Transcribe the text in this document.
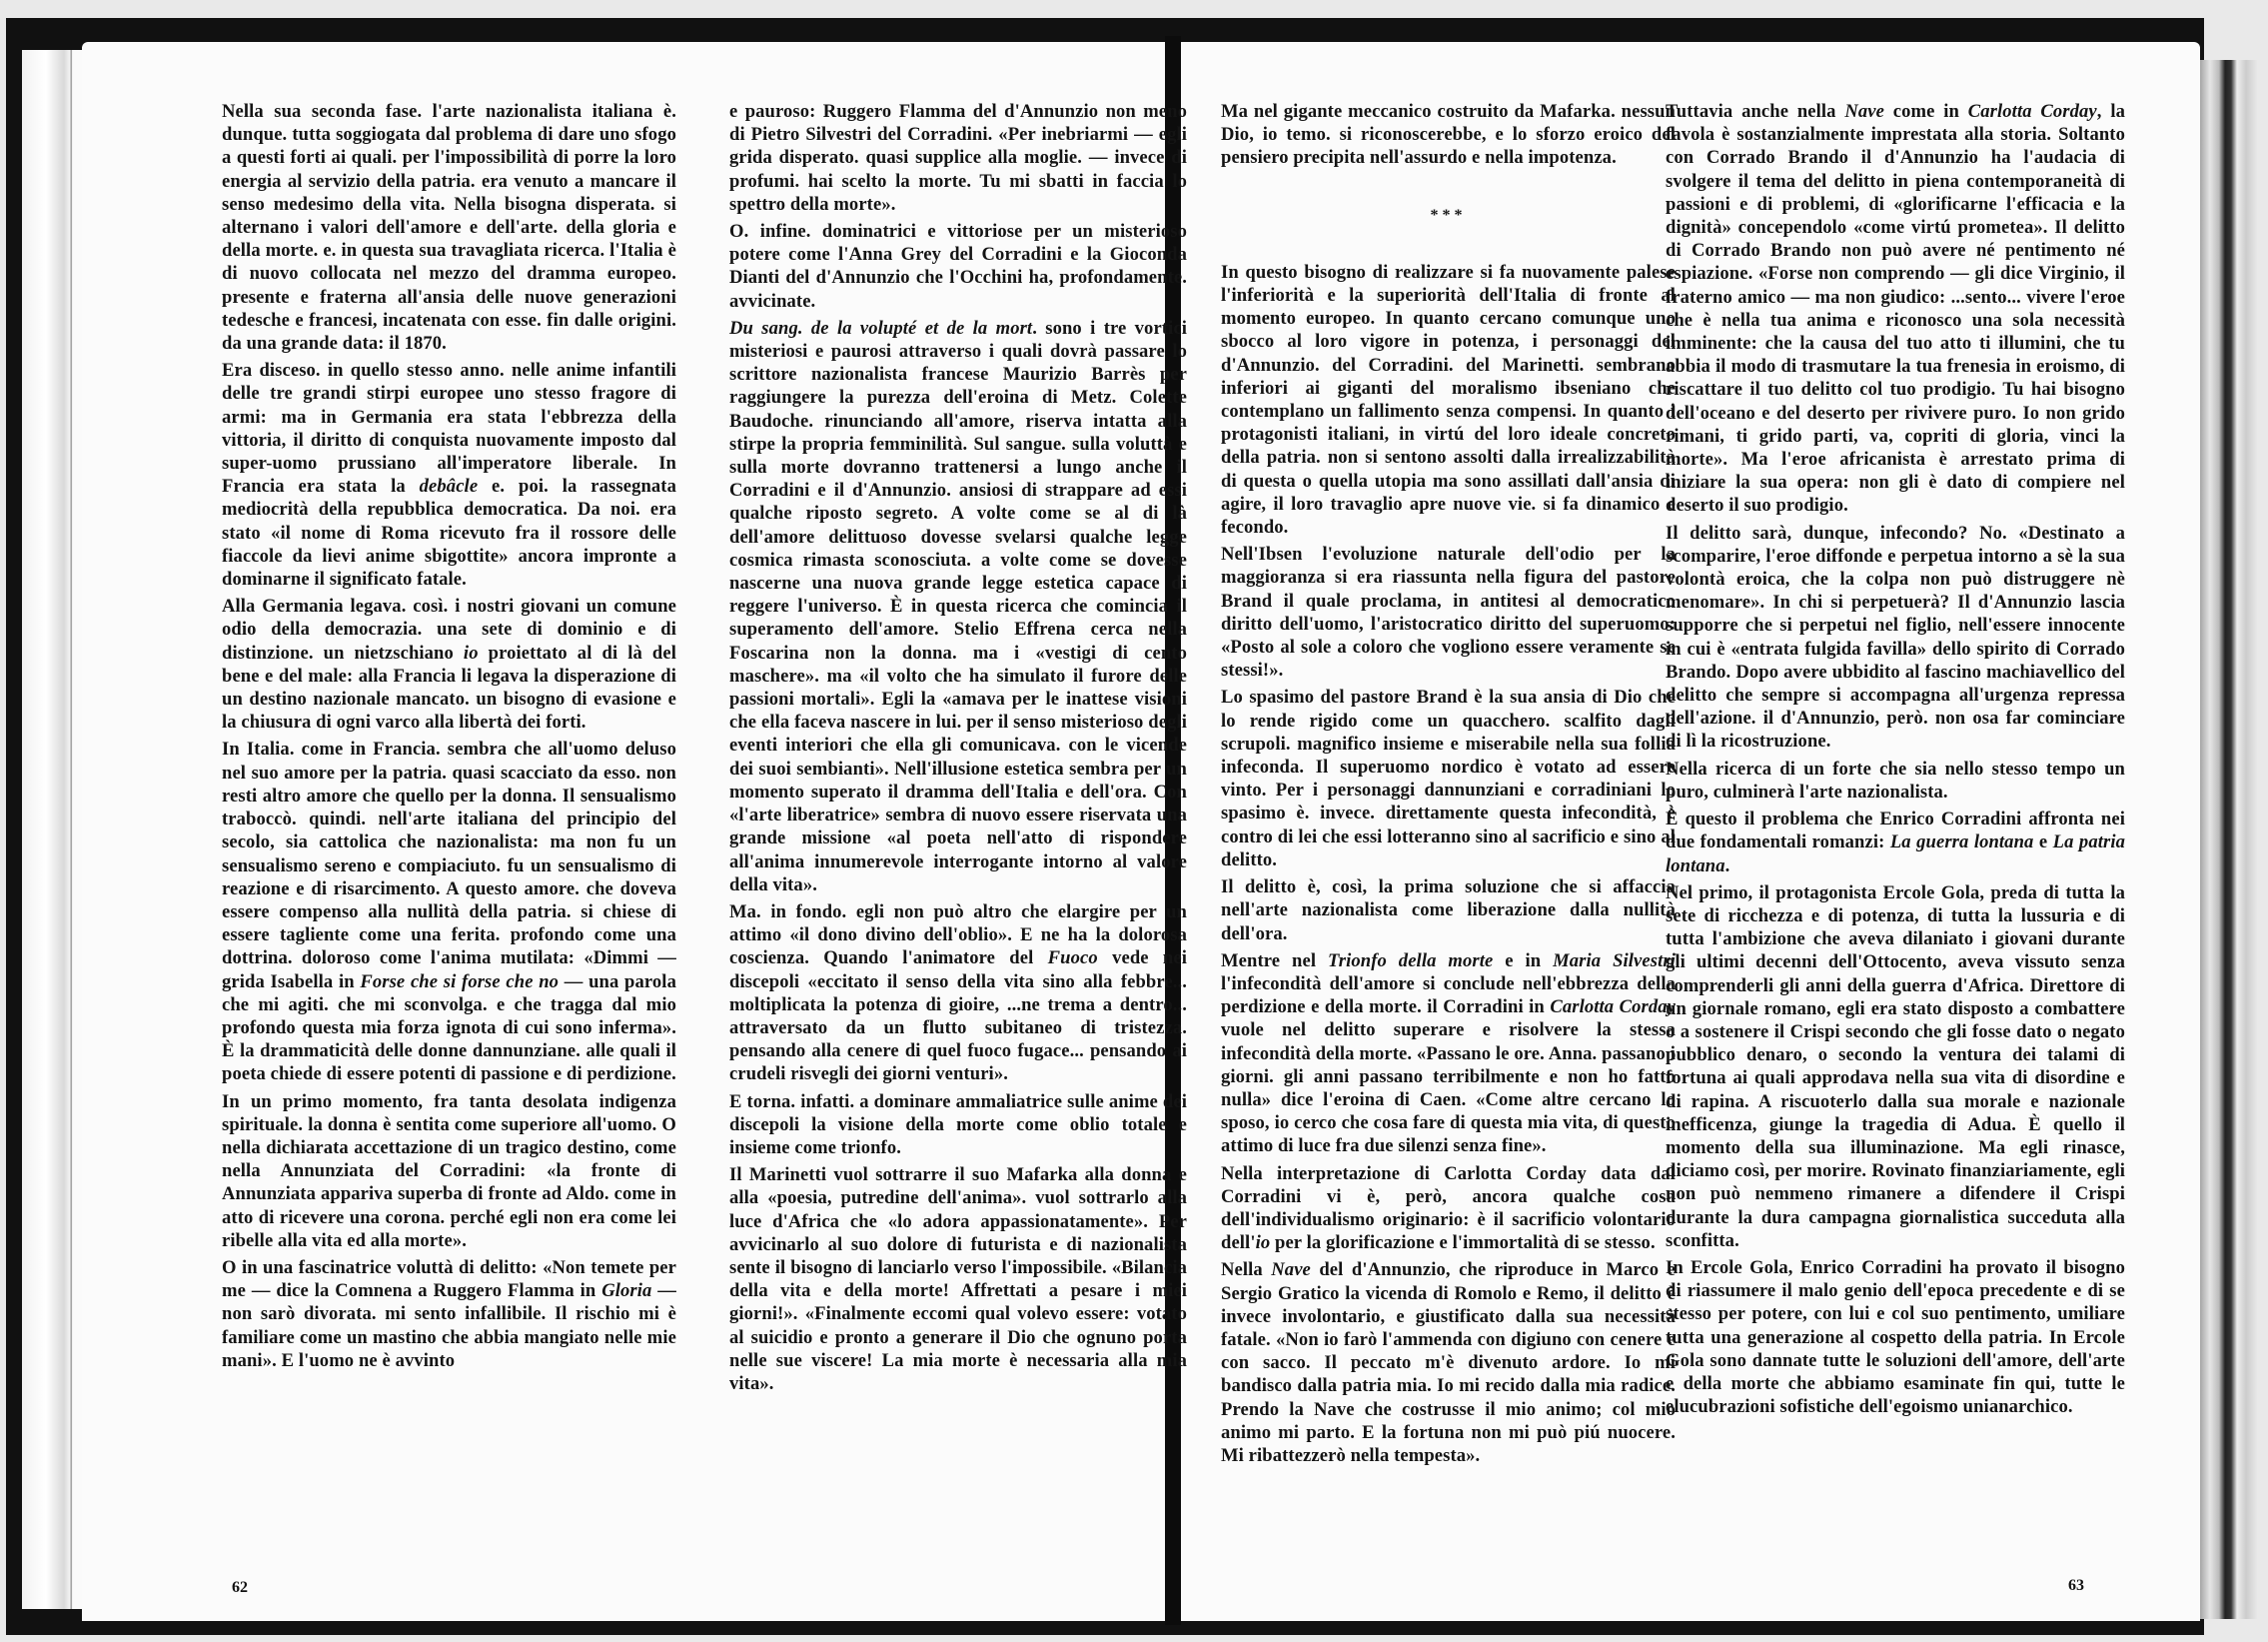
Nella sua seconda fase. l'arte nazionalista italiana è. dunque. tutta soggiogata dal problema di dare uno sfogo a questi forti ai quali. per l'impossibilità di porre la loro energia al servizio della patria. era venuto a mancare il senso medesimo della vita. Nella bisogna disperata. si alternano i valori dell'amore e dell'arte. della gloria e della morte. e. in questa sua travagliata ricerca. l'Italia è di nuovo collocata nel mezzo del dramma europeo. presente e fraterna all'ansia delle nuove generazioni tedesche e francesi, incatenata con esse. fin dalle origini. da una grande data: il 1870.

Era disceso. in quello stesso anno. nelle anime infantili delle tre grandi stirpi europee uno stesso fragore di armi: ma in Germania era stata l'ebbrezza della vittoria, il diritto di conquista nuovamente imposto dal super-uomo prussiano all'imperatore liberale. In Francia era stata la debâcle e. poi. la rassegnata mediocrità della repubblica democratica. Da noi. era stato «il nome di Roma ricevuto fra il rossore delle fiaccole da lievi anime sbigottite» ancora impronte a dominarne il significato fatale.

Alla Germania legava. così. i nostri giovani un comune odio della democrazia. una sete di dominio e di distinzione. un nietzschiano io proiettato al di là del bene e del male: alla Francia li legava la disperazione di un destino nazionale mancato. un bisogno di evasione e la chiusura di ogni varco alla libertà dei forti.

In Italia. come in Francia. sembra che all'uomo deluso nel suo amore per la patria. quasi scacciato da esso. non resti altro amore che quello per la donna. Il sensualismo traboccò. quindi. nell'arte italiana del principio del secolo, sia cattolica che nazionalista: ma non fu un sensualismo sereno e compiaciuto. fu un sensualismo di reazione e di risarcimento. A questo amore. che doveva essere compenso alla nullità della patria. si chiese di essere tagliente come una ferita. profondo come una dottrina. doloroso come l'anima mutilata: «Dimmi — grida Isabella in Forse che si forse che no — una parola che mi agiti. che mi sconvolga. e che tragga dal mio profondo questa mia forza ignota di cui sono inferma». È la drammaticità delle donne dannunziane. alle quali il poeta chiede di essere potenti di passione e di perdizione.

In un primo momento, fra tanta desolata indigenza spirituale. la donna è sentita come superiore all'uomo. O nella dichiarata accettazione di un tragico destino, come nella Annunziata del Corradini: «la fronte di Annunziata appariva superba di fronte ad Aldo. come in atto di ricevere una corona. perché egli non era come lei ribelle alla vita ed alla morte».

O in una fascinatrice voluttà di delitto: «Non temete per me — dice la Comnena a Ruggero Flamma in Gloria — non sarò divorata. mi sento infallibile. Il rischio mi è familiare come un mastino che abbia mangiato nelle mie mani». E l'uomo ne è avvinto

e pauroso: Ruggero Flamma del d'Annunzio non meno di Pietro Silvestri del Corradini. «Per inebriarmi — egli grida disperato. quasi supplice alla moglie. — invece di profumi. hai scelto la morte. Tu mi sbatti in faccia lo spettro della morte».

O. infine. dominatrici e vittoriose per un misterioso potere come l'Anna Grey del Corradini e la Gioconda Dianti del d'Annunzio che l'Occhini ha, profondamente. avvicinate.

Du sang. de la volupté et de la mort. sono i tre vortici misteriosi e paurosi attraverso i quali dovrà passare lo scrittore nazionalista francese Maurizio Barrès per raggiungere la purezza dell'eroina di Metz. Colette Baudoche. rinunciando all'amore, riserva intatta alla stirpe la propria femminilità. Sul sangue. sulla voluttà e sulla morte dovranno trattenersi a lungo anche il Corradini e il d'Annunzio. ansiosi di strappare ad essi qualche riposto segreto. A volte come se al di là dell'amore delittuoso dovesse svelarsi qualche legge cosmica rimasta sconosciuta. a volte come se dovesse nascerne una nuova grande legge estetica capace di reggere l'universo. È in questa ricerca che comincia il superamento dell'amore. Stelio Effrena cerca nella Foscarina non la donna. ma i «vestigi di cento maschere». ma «il volto che ha simulato il furore delle passioni mortali». Egli la «amava per le inattese visioni che ella faceva nascere in lui. per il senso misterioso degli eventi interiori che ella gli comunicava. con le vicende dei suoi sembianti». Nell'illusione estetica sembra per un momento superato il dramma dell'Italia e dell'ora. Con «l'arte liberatrice» sembra di nuovo essere riservata una grande missione «al poeta nell'atto di rispondere all'anima innumerevole interrogante intorno al valore della vita».

Ma. in fondo. egli non può altro che elargire per un attimo «il dono divino dell'oblio». E ne ha la dolorosa coscienza. Quando l'animatore del Fuoco vede nei discepoli «eccitato il senso della vita sino alla febbre... moltiplicata la potenza di gioire, ...ne trema a dentro... attraversato da un flutto subitaneo di tristezza. pensando alla cenere di quel fuoco fugace... pensando ai crudeli risvegli dei giorni venturi».

E torna. infatti. a dominare ammaliatrice sulle anime dei discepoli la visione della morte come oblio totale e insieme come trionfo.

Il Marinetti vuol sottrarre il suo Mafarka alla donna e alla «poesia, putredine dell'anima». vuol sottrarlo alla luce d'Africa che «lo adora appassionatamente». Per avvicinarlo al suo dolore di futurista e di nazionalista sente il bisogno di lanciarlo verso l'impossibile. «Bilancia della vita e della morte! Affrettati a pesare i miei giorni!». «Finalmente eccomi qual volevo essere: votato al suicidio e pronto a generare il Dio che ognuno porta nelle sue viscere! La mia morte è necessaria alla mia vita».

Ma nel gigante meccanico costruito da Mafarka. nessun Dio, io temo. si riconoscerebbe, e lo sforzo eroico del pensiero precipita nell'assurdo e nella impotenza.

***

In questo bisogno di realizzare si fa nuovamente palese l'inferiorità e la superiorità dell'Italia di fronte al momento europeo. In quanto cercano comunque uno sbocco al loro vigore in potenza, i personaggi del d'Annunzio. del Corradini. del Marinetti. sembrano inferiori ai giganti del moralismo ibseniano che contemplano un fallimento senza compensi. In quanto i protagonisti italiani, in virtú del loro ideale concreto della patria. non si sentono assolti dalla irrealizzabilità di questa o quella utopia ma sono assillati dall'ansia di agire, il loro travaglio apre nuove vie. si fa dinamico e fecondo.

Nell'Ibsen l'evoluzione naturale dell'odio per la maggioranza si era riassunta nella figura del pastore Brand il quale proclama, in antitesi al democratico diritto dell'uomo, l'aristocratico diritto del superuomo: «Posto al sole a coloro che vogliono essere veramente se stessi!».

Lo spasimo del pastore Brand è la sua ansia di Dio che lo rende rigido come un quacchero. scalfito dagli scrupoli. magnifico insieme e miserabile nella sua follia infeconda. Il superuomo nordico è votato ad essere vinto. Per i personaggi dannunziani e corradiniani lo spasimo è. invece. direttamente questa infecondità, è contro di lei che essi lotteranno sino al sacrificio e sino al delitto.

Il delitto è, così, la prima soluzione che si affaccia nell'arte nazionalista come liberazione dalla nullità dell'ora.

Mentre nel Trionfo della morte e in Maria Silvestri l'infecondità dell'amore si conclude nell'ebbrezza della perdizione e della morte. il Corradini in Carlotta Corday vuole nel delitto superare e risolvere la stessa infecondità della morte. «Passano le ore. Anna. passano i giorni. gli anni passano terribilmente e non ho fatto nulla» dice l'eroina di Caen. «Come altre cercano lo sposo, io cerco che cosa fare di questa mia vita, di questo attimo di luce fra due silenzi senza fine».

Nella interpretazione di Carlotta Corday data dal Corradini vi è, però, ancora qualche cosa dell'individualismo originario: è il sacrificio volontario dell'io per la glorificazione e l'immortalità di se stesso.

Nella Nave del d'Annunzio, che riproduce in Marco e Sergio Gratico la vicenda di Romolo e Remo, il delitto è invece involontario, e giustificato dalla sua necessità fatale. «Non io farò l'ammenda con digiuno con cenere e con sacco. Il peccato m'è divenuto ardore. Io mi bandisco dalla patria mia. Io mi recido dalla mia radice. Prendo la Nave che costrusse il mio animo; col mio animo mi parto. E la fortuna non mi può piú nuocere. Mi ribattezzerò nella tempesta».

Tuttavia anche nella Nave come in Carlotta Corday, la favola è sostanzialmente imprestata alla storia. Soltanto con Corrado Brando il d'Annunzio ha l'audacia di svolgere il tema del delitto in piena contemporaneità di passioni e di problemi, di «glorificarne l'efficacia e la dignità» concependolo «come virtú prometea». Il delitto di Corrado Brando non può avere né pentimento né espiazione. «Forse non comprendo — gli dice Virginio, il fraterno amico — ma non giudico: ...sento... vivere l'eroe che è nella tua anima e riconosco una sola necessità imminente: che la causa del tuo atto ti illumini, che tu abbia il modo di trasmutare la tua frenesia in eroismo, di riscattare il tuo delitto col tuo prodigio. Tu hai bisogno dell'oceano e del deserto per rivivere puro. Io non grido rimani, ti grido parti, va, copriti di gloria, vinci la morte». Ma l'eroe africanista è arrestato prima di iniziare la sua opera: non gli è dato di compiere nel deserto il suo prodigio.

Il delitto sarà, dunque, infecondo? No. «Destinato a scomparire, l'eroe diffonde e perpetua intorno a sè la sua volontà eroica, che la colpa non può distruggere nè menomare». In chi si perpetuerà? Il d'Annunzio lascia supporre che si perpetui nel figlio, nell'essere innocente in cui è «entrata fulgida favilla» dello spirito di Corrado Brando. Dopo avere ubbidito al fascino machiavellico del delitto che sempre si accompagna all'urgenza repressa dell'azione. il d'Annunzio, però. non osa far cominciare di lì la ricostruzione.

Nella ricerca di un forte che sia nello stesso tempo un puro, culminerà l'arte nazionalista.

È questo il problema che Enrico Corradini affronta nei due fondamentali romanzi: La guerra lontana e La patria lontana.

Nel primo, il protagonista Ercole Gola, preda di tutta la sete di ricchezza e di potenza, di tutta la lussuria e di tutta l'ambizione che aveva dilaniato i giovani durante gli ultimi decenni dell'Ottocento, aveva vissuto senza comprenderli gli anni della guerra d'Africa. Direttore di un giornale romano, egli era stato disposto a combattere o a sostenere il Crispi secondo che gli fosse dato o negato pubblico denaro, o secondo la ventura dei talami di fortuna ai quali approdava nella sua vita di disordine e di rapina. A riscuoterlo dalla sua morale e nazionale inefficenza, giunge la tragedia di Adua. È quello il momento della sua illuminazione. Ma egli rinasce, diciamo così, per morire. Rovinato finanziariamente, egli non può nemmeno rimanere a difendere il Crispi durante la dura campagna giornalistica succeduta alla sconfitta.

In Ercole Gola, Enrico Corradini ha provato il bisogno di riassumere il malo genio dell'epoca precedente e di se stesso per potere, con lui e col suo pentimento, umiliare tutta una generazione al cospetto della patria. In Ercole Gola sono dannate tutte le soluzioni dell'amore, dell'arte e della morte che abbiamo esaminate fin qui, tutte le elucubrazioni sofistiche dell'egoismo unianarchico.

62	63
